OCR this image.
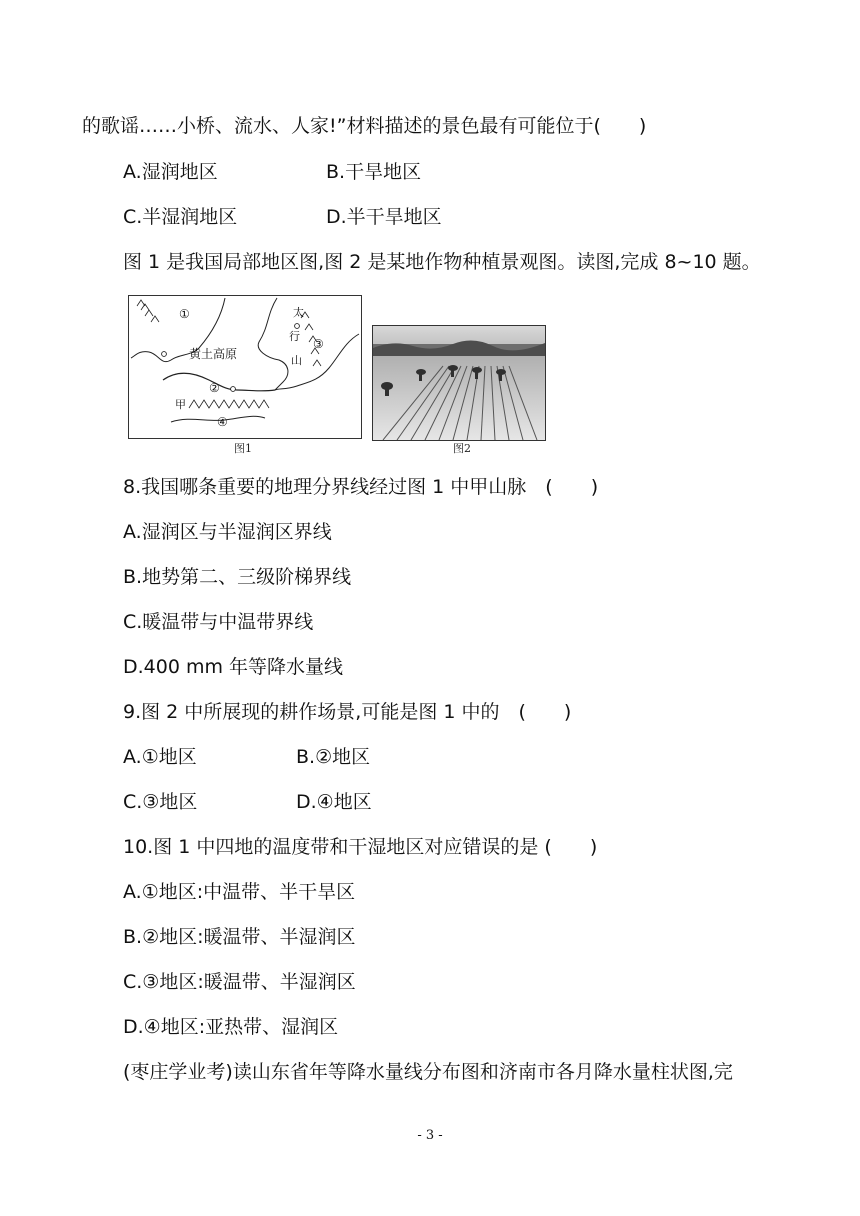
的歌谣……小桥、流水、人家!”材料描述的景色最有可能位于(　　)
A.湿润地区	B.干旱地区
C.半湿润地区	D.半干旱地区
图 1 是我国局部地区图,图 2 是某地作物种植景观图。读图,完成 8~10 题。
黄土高原
太
行
山
甲
①
②
③
④
图1	图2
8.我国哪条重要的地理分界线经过图 1 中甲山脉　(　　)
A.湿润区与半湿润区界线
B.地势第二、三级阶梯界线
C.暖温带与中温带界线
D.400 mm 年等降水量线
9.图 2 中所展现的耕作场景,可能是图 1 中的　(　　)
A.①地区	B.②地区
C.③地区	D.④地区
10.图 1 中四地的温度带和干湿地区对应错误的是 (　　)
A.①地区:中温带、半干旱区
B.②地区:暖温带、半湿润区
C.③地区:暖温带、半湿润区
D.④地区:亚热带、湿润区
(枣庄学业考)读山东省年等降水量线分布图和济南市各月降水量柱状图,完
- 3 -
